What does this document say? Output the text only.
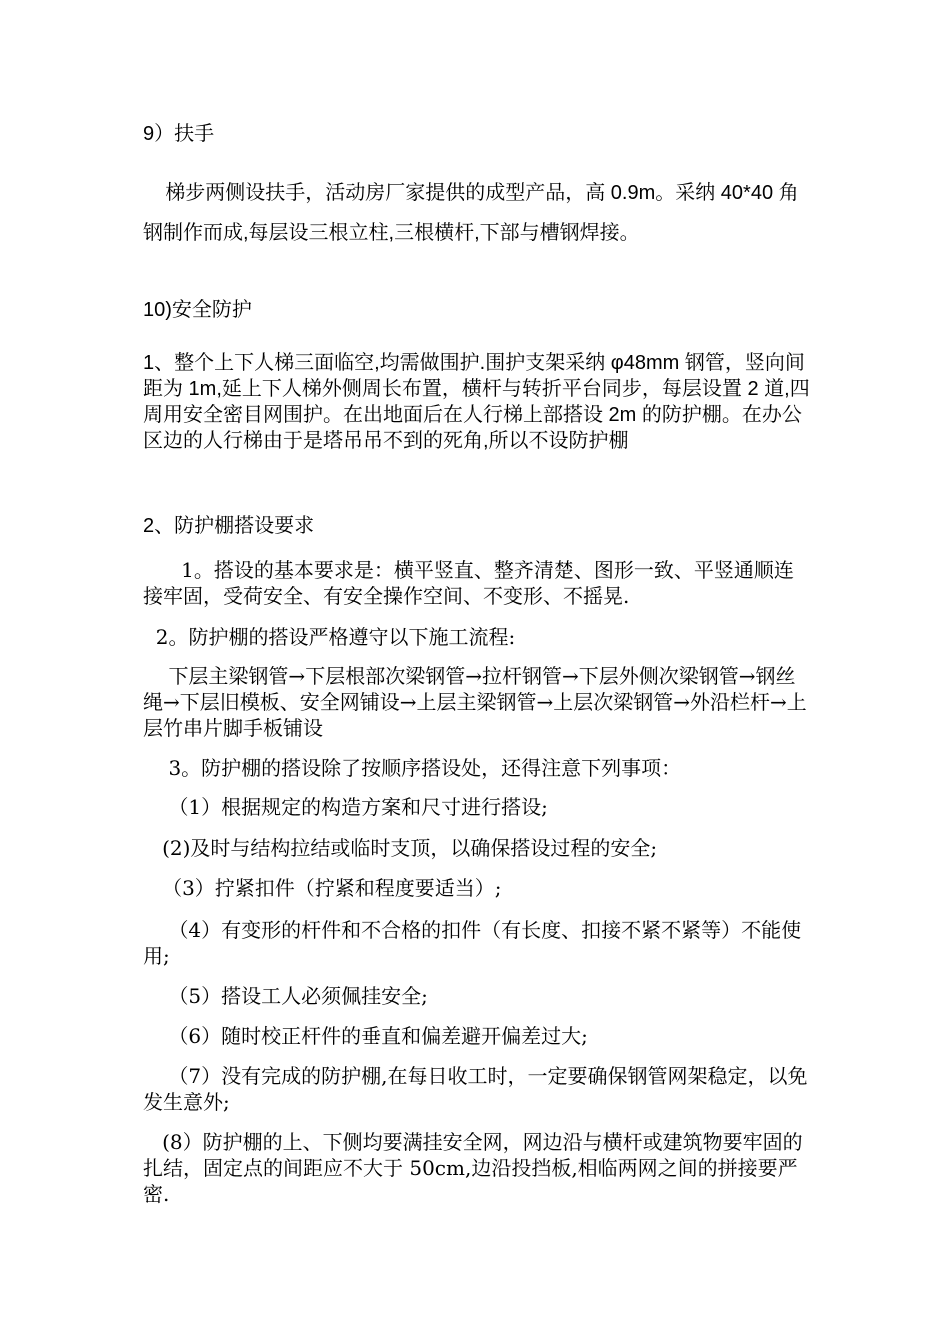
9）扶手

梯步两侧设扶手，活动房厂家提供的成型产品，高 0.9m。采纳 40*40 角钢制作而成,每层设三根立柱,三根横杆,下部与槽钢焊接。

10)安全防护

1、整个上下人梯三面临空,均需做围护.围护支架采纳 φ48mm 钢管，竖向间距为 1m,延上下人梯外侧周长布置，横杆与转折平台同步，每层设置 2 道,四周用安全密目网围护。在出地面后在人行梯上部搭设 2m 的防护棚。在办公区边的人行梯由于是塔吊吊不到的死角,所以不设防护棚

2、防护棚搭设要求

1。搭设的基本要求是：横平竖直、整齐清楚、图形一致、平竖通顺连接牢固，受荷安全、有安全操作空间、不变形、不摇晃.

2。防护棚的搭设严格遵守以下施工流程:

下层主梁钢管→下层根部次梁钢管→拉杆钢管→下层外侧次梁钢管→钢丝绳→下层旧模板、安全网铺设→上层主梁钢管→上层次梁钢管→外沿栏杆→上层竹串片脚手板铺设

3。防护棚的搭设除了按顺序搭设处，还得注意下列事项：

（1）根据规定的构造方案和尺寸进行搭设;

(2)及时与结构拉结或临时支顶，以确保搭设过程的安全;

（3）拧紧扣件（拧紧和程度要适当）;

（4）有变形的杆件和不合格的扣件（有长度、扣接不紧不紧等）不能使用;

（5）搭设工人必须佩挂安全;

（6）随时校正杆件的垂直和偏差避开偏差过大;

（7）没有完成的防护棚,在每日收工时，一定要确保钢管网架稳定，以免发生意外;

(8）防护棚的上、下侧均要满挂安全网，网边沿与横杆或建筑物要牢固的扎结，固定点的间距应不大于 50cm,边沿投挡板,相临两网之间的拼接要严密.
